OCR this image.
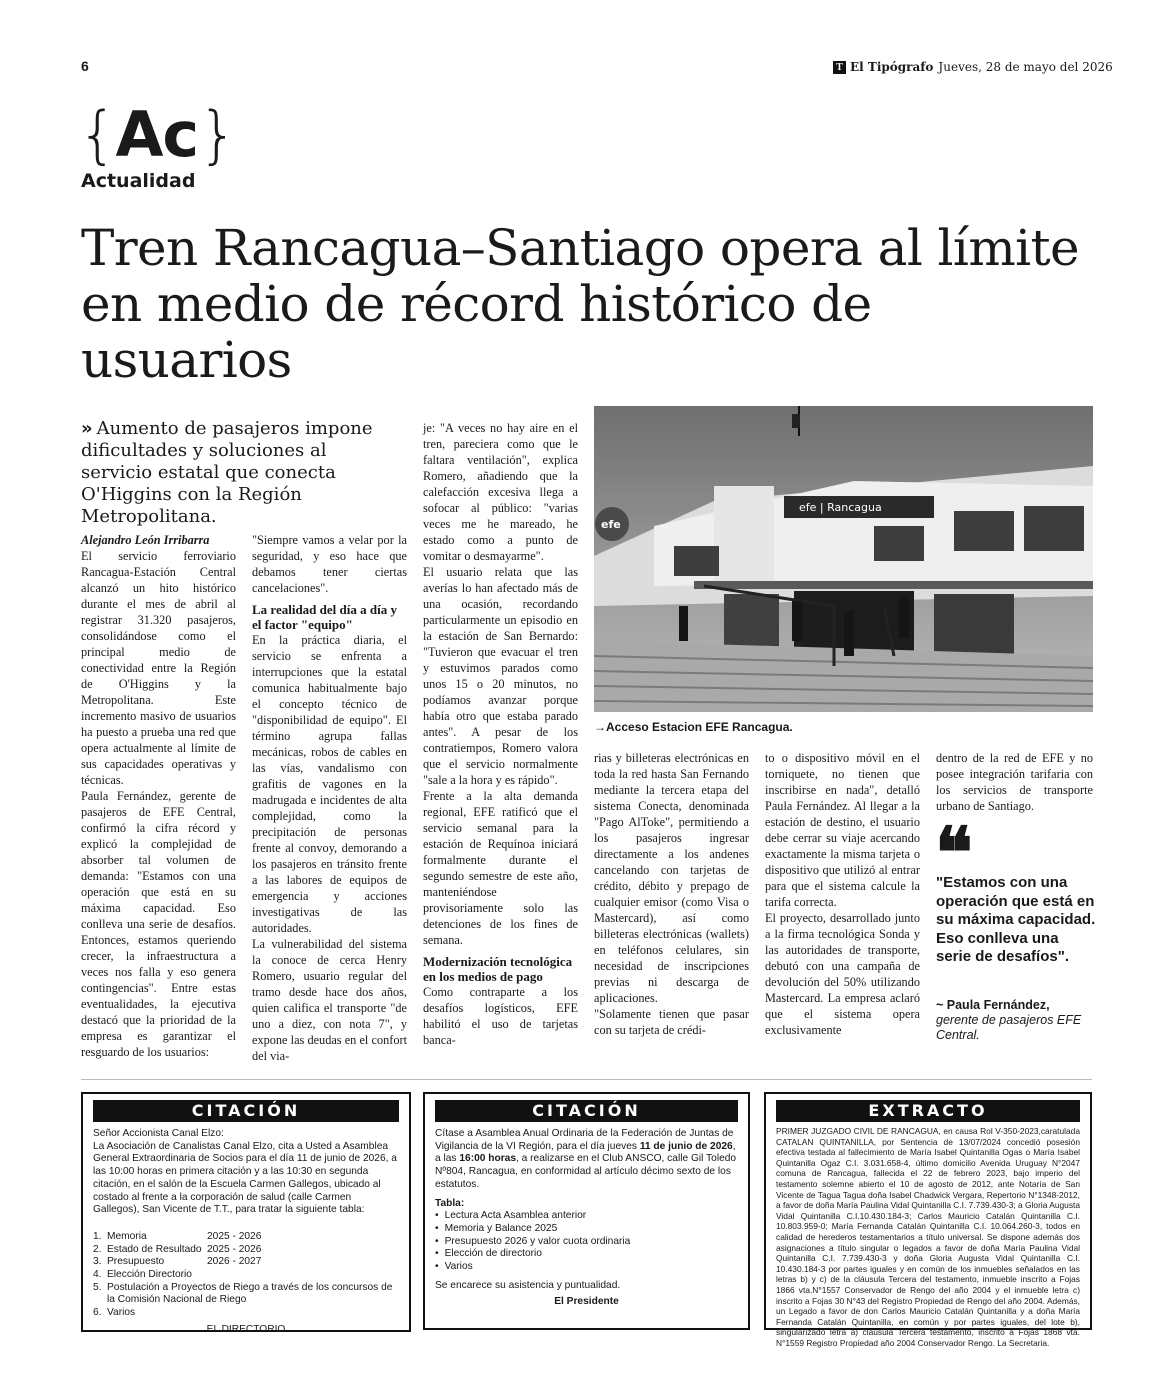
6	T El Tipógrafo Jueves, 28 de mayo del 2026
{Ac}
Actualidad
Tren Rancagua–Santiago opera al límite
en medio de récord histórico de usuarios
» Aumento de pasajeros impone dificultades y soluciones al servicio estatal que conecta O'Higgins con la Región Metropolitana.

Alejandro León Irribarra

El servicio ferroviario Rancagua-Estación Central alcanzó un hito histórico durante el mes de abril al registrar 31.320 pasajeros, consolidándose como el principal medio de conectividad entre la Región de O'Higgins y la Metropolitana. Este incremento masivo de usuarios ha puesto a prueba una red que opera actualmente al límite de sus capacidades operativas y técnicas.

Paula Fernández, gerente de pasajeros de EFE Central, confirmó la cifra récord y explicó la complejidad de absorber tal volumen de demanda: "Estamos con una operación que está en su máxima capacidad. Eso conlleva una serie de desafíos. Entonces, estamos queriendo crecer, la infraestructura a veces nos falla y eso genera contingencias". Entre estas eventualidades, la ejecutiva destacó que la prioridad de la empresa es garantizar el resguardo de los usuarios:

"Siempre vamos a velar por la seguridad, y eso hace que debamos tener ciertas cancelaciones".

La realidad del día a día y el factor "equipo"

En la práctica diaria, el servicio se enfrenta a interrupciones que la estatal comunica habitualmente bajo el concepto técnico de "disponibilidad de equipo". El término agrupa fallas mecánicas, robos de cables en las vías, vandalismo con grafitis de vagones en la madrugada e incidentes de alta complejidad, como la precipitación de personas frente al convoy, demorando a los pasajeros en tránsito frente a las labores de equipos de emergencia y acciones investigativas de las autoridades.

La vulnerabilidad del sistema la conoce de cerca Henry Romero, usuario regular del tramo desde hace dos años, quien califica el transporte "de uno a diez, con nota 7", y expone las deudas en el confort del via-

je: "A veces no hay aire en el tren, pareciera como que le faltara ventilación", explica Romero, añadiendo que la calefacción excesiva llega a sofocar al público: "varias veces me he mareado, he estado como a punto de vomitar o desmayarme".

El usuario relata que las averías lo han afectado más de una ocasión, recordando particularmente un episodio en la estación de San Bernardo: "Tuvieron que evacuar el tren y estuvimos parados como unos 15 o 20 minutos, no podíamos avanzar porque había otro que estaba parado antes". A pesar de los contratiempos, Romero valora que el servicio normalmente "sale a la hora y es rápido".

Frente a la alta demanda regional, EFE ratificó que el servicio semanal para la estación de Requínoa iniciará formalmente durante el segundo semestre de este año, manteniéndose provisoriamente solo las detenciones de los fines de semana.

Modernización tecnológica en los medios de pago

Como contraparte a los desafíos logísticos, EFE habilitó el uso de tarjetas banca-

efe | Rancagua
efe
→Acceso Estacion EFE Rancagua.

rias y billeteras electrónicas en toda la red hasta San Fernando mediante la tercera etapa del sistema Conecta, denominada "Pago AlToke", permitiendo a los pasajeros ingresar directamente a los andenes cancelando con tarjetas de crédito, débito y prepago de cualquier emisor (como Visa o Mastercard), así como billeteras electrónicas (wallets) en teléfonos celulares, sin necesidad de inscripciones previas ni descarga de aplicaciones.

"Solamente tienen que pasar con su tarjeta de crédi-

to o dispositivo móvil en el torniquete, no tienen que inscribirse en nada", detalló Paula Fernández. Al llegar a la estación de destino, el usuario debe cerrar su viaje acercando exactamente la misma tarjeta o dispositivo que utilizó al entrar para que el sistema calcule la tarifa correcta.

El proyecto, desarrollado junto a la firma tecnológica Sonda y las autoridades de transporte, debutó con una campaña de devolución del 50% utilizando Mastercard. La empresa aclaró que el sistema opera exclusivamente

dentro de la red de EFE y no posee integración tarifaria con los servicios de transporte urbano de Santiago.

❝
"Estamos con una operación que está en su máxima capacidad. Eso conlleva una serie de desafíos".
~ Paula Fernández,
gerente de pasajeros EFE Central.
CITACIÓN

Señor Accionista Canal Elzo:

La Asociación de Canalistas Canal Elzo, cita a Usted a Asamblea General Extraordinaria de Socios para el día 11 de junio de 2026, a las 10:00 horas en primera citación y a las 10:30 en segunda citación, en el salón de la Escuela Carmen Gallegos, ubicado al costado al frente a la corporación de salud (calle Carmen Gallegos), San Vicente de T.T., para tratar la siguiente tabla:

1. Memoria	2025 - 2026
2. Estado de Resultado 2025 - 2026
3. Presupuesto	2026 - 2027
4. Elección Directorio
5. Postulación a Proyectos de Riego a través de los concursos de la Comisión Nacional de Riego
6. Varios

EL DIRECTORIO

CITACIÓN

Cítase a Asamblea Anual Ordinaria de la Federación de Juntas de Vigilancia de la VI Región, para el día jueves 11 de junio de 2026, a las 16:00 horas, a realizarse en el Club ANSCO, calle Gil Toledo Nº804, Rancagua, en conformidad al artículo décimo sexto de los estatutos.

Tabla:

• Lectura Acta Asamblea anterior
• Memoria y Balance 2025
• Presupuesto 2026 y valor cuota ordinaria
• Elección de directorio
• Varios

Se encarece su asistencia y puntualidad.

El Presidente

EXTRACTO

PRIMER JUZGADO CIVIL DE RANCAGUA, en causa Rol V-350-2023,caratulada CATALAN QUINTANILLA, por Sentencia de 13/07/2024 concedió posesión efectiva testada al fallecimiento de María Isabel Quintanilla Ogas o María Isabel Quintanilla Ogaz C.I. 3.031.658-4, último domicilio Avenida Uruguay N°2047 comuna de Rancagua, fallecida el 22 de febrero 2023, bajo imperio del testamento solemne abierto el 10 de agosto de 2012, ante Notaría de San Vicente de Tagua Tagua doña Isabel Chadwick Vergara, Repertorio N°1348-2012, a favor de doña María Paulina Vidal Quintanilla C.I. 7.739.430-3; a Gloria Augusta Vidal Quintanilla C.I.10.430.184-3; Carlos Mauricio Catalán Quintanilla C.I. 10.803.959-0; María Fernanda Catalán Quintanilla C.I. 10.064.260-3, todos en calidad de herederos testamentarios a título universal. Se dispone además dos asignaciones a título singular o legados a favor de doña María Paulina Vidal Quintanilla C.I. 7.739.430-3 y doña Gloria Augusta Vidal Quintanilla C.I. 10.430.184-3 por partes iguales y en común de los inmuebles señalados en las letras b) y c) de la cláusula Tercera del testamento, inmueble inscrito a Fojas 1866 vta.N°1557 Conservador de Rengo del año 2004 y el inmueble letra c) inscrito a Fojas 30 N°43 del Registro Propiedad de Rengo del año 2004. Además, un Legado a favor de don Carlos Mauricio Catalán Quintanilla y a doña María Fernanda Catalán Quintanilla, en común y por partes iguales, del lote b), singularizado letra a) cláusula Tercera testamento, inscrito a Fojas 1868 vta. N°1559 Registro Propiedad año 2004 Conservador Rengo. La Secretaria.
